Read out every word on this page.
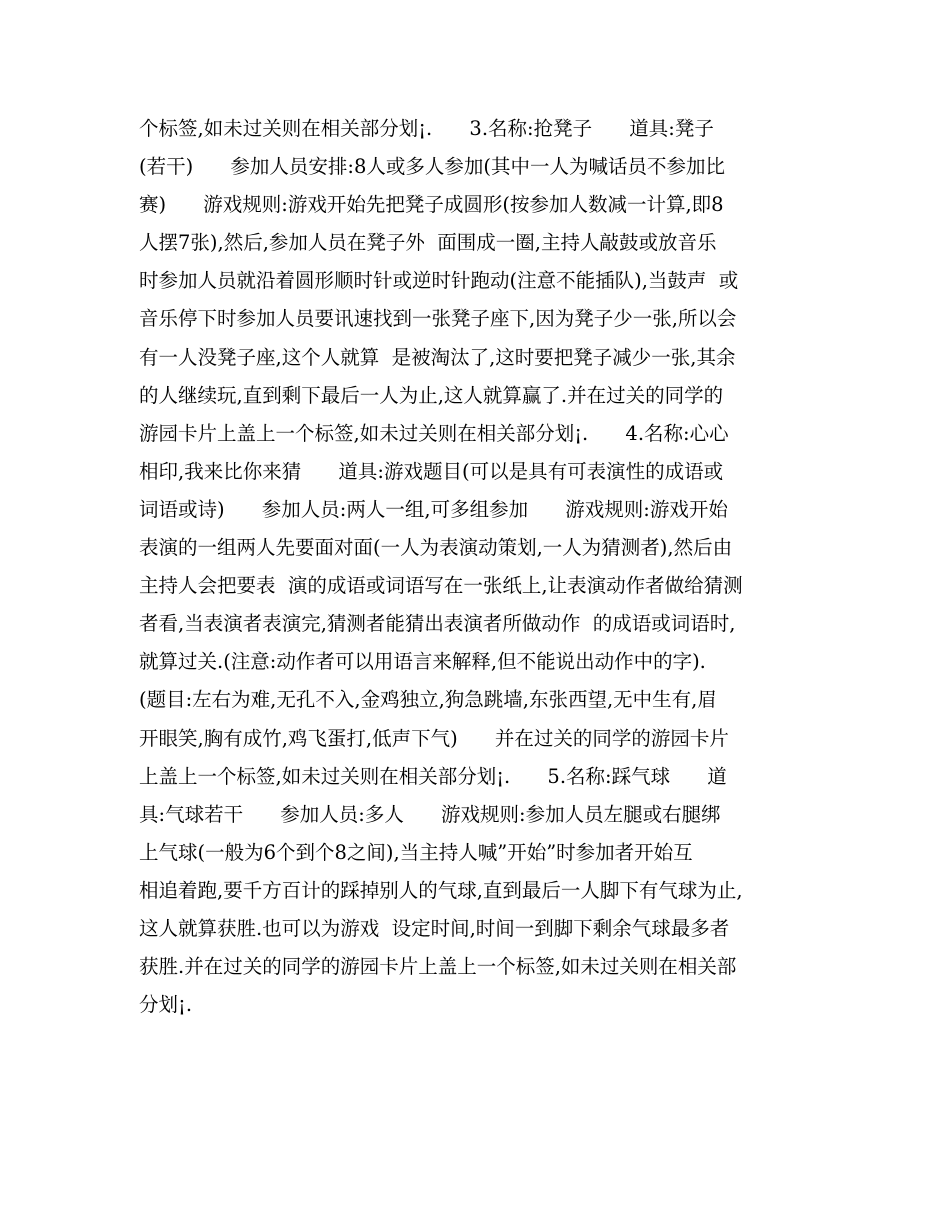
个标签,如未过关则在相关部分划¡.      3.名称:抢凳子      道具:凳子
(若干)      参加人员安排:8人或多人参加(其中一人为喊话员不参加比
赛)      游戏规则:游戏开始先把凳子成圆形(按参加人数减一计算,即8
人摆7张),然后,参加人员在凳子外  面围成一圈,主持人敲鼓或放音乐
时参加人员就沿着圆形顺时针或逆时针跑动(注意不能插队),当鼓声  或
音乐停下时参加人员要讯速找到一张凳子座下,因为凳子少一张,所以会
有一人没凳子座,这个人就算  是被淘汰了,这时要把凳子减少一张,其余
的人继续玩,直到剩下最后一人为止,这人就算赢了.并在过关的同学的
游园卡片上盖上一个标签,如未过关则在相关部分划¡.      4.名称:心心
相印,我来比你来猜      道具:游戏题目(可以是具有可表演性的成语或
词语或诗)      参加人员:两人一组,可多组参加      游戏规则:游戏开始
表演的一组两人先要面对面(一人为表演动策划,一人为猜测者),然后由
主持人会把要表  演的成语或词语写在一张纸上,让表演动作者做给猜测
者看,当表演者表演完,猜测者能猜出表演者所做动作  的成语或词语时,
就算过关.(注意:动作者可以用语言来解释,但不能说出动作中的字).
(题目:左右为难,无孔不入,金鸡独立,狗急跳墙,东张西望,无中生有,眉
开眼笑,胸有成竹,鸡飞蛋打,低声下气)      并在过关的同学的游园卡片
上盖上一个标签,如未过关则在相关部分划¡.      5.名称:踩气球      道
具:气球若干      参加人员:多人      游戏规则:参加人员左腿或右腿绑
上气球(一般为6个到个8之间),当主持人喊”开始”时参加者开始互
相追着跑,要千方百计的踩掉别人的气球,直到最后一人脚下有气球为止,
这人就算获胜.也可以为游戏  设定时间,时间一到脚下剩余气球最多者
获胜.并在过关的同学的游园卡片上盖上一个标签,如未过关则在相关部
分划¡.
